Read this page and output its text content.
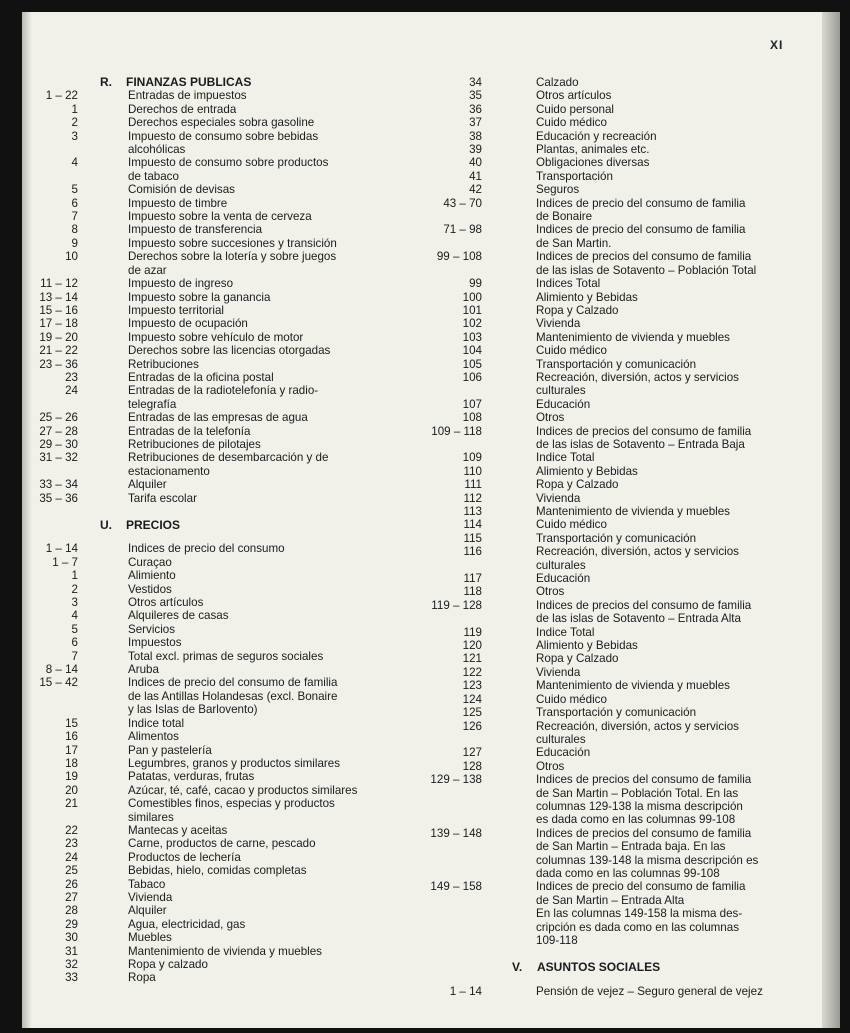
XI
R.	FINANZAS PUBLICAS
1 – 22	Entradas de impuestos
1	Derechos de entrada
2	Derechos especiales sobra gasoline
3	Impuesto de consumo sobre bebidas
alcohólicas
4	Impuesto de consumo sobre productos
de tabaco
5	Comisión de devisas
6	Impuesto de timbre
7	Impuesto sobre la venta de cerveza
8	Impuesto de transferencia
9	Impuesto sobre succesiones y transición
10	Derechos sobre la lotería y sobre juegos
de azar
11 – 12	Impuesto de ingreso
13 – 14	Impuesto sobre la ganancia
15 – 16	Impuesto territorial
17 – 18	Impuesto de ocupación
19 – 20	Impuesto sobre vehículo de motor
21 – 22	Derechos sobre las licencias otorgadas
23 – 36	Retribuciones
23	Entradas de la oficina postal
24	Entradas de la radiotelefonía y radio-
telegrafía
25 – 26	Entradas de las empresas de agua
27 – 28	Entradas de la telefonía
29 – 30	Retribuciones de pilotajes
31 – 32	Retribuciones de desembarcación y de
estacionamento
33 – 34	Alquiler
35 – 36	Tarifa escolar
U.	PRECIOS
1 – 14	Indices de precio del consumo
1 – 7	Curaçao
1	Alimiento
2	Vestidos
3	Otros artículos
4	Alquileres de casas
5	Servicios
6	Impuestos
7	Total excl. primas de seguros sociales
8 – 14	Aruba
15 – 42	Indices de precio del consumo de familia
de las Antillas Holandesas (excl. Bonaire
y las Islas de Barlovento)
15	Indice total
16	Alimentos
17	Pan y pastelería
18	Legumbres, granos y productos similares
19	Patatas, verduras, frutas
20	Azúcar, té, café, cacao y productos similares
21	Comestibles finos, especias y productos
similares
22	Mantecas y aceitas
23	Carne, productos de carne, pescado
24	Productos de lechería
25	Bebidas, hielo, comidas completas
26	Tabaco
27	Vivienda
28	Alquiler
29	Agua, electricidad, gas
30	Muebles
31	Mantenimiento de vivienda y muebles
32	Ropa y calzado
33	Ropa
34	Calzado
35	Otros artículos
36	Cuido personal
37	Cuido médico
38	Educación y recreación
39	Plantas, animales etc.
40	Obligaciones diversas
41	Transportación
42	Seguros
43 – 70	Indices de precio del consumo de familia
de Bonaire
71 – 98	Indices de precio del consumo de familia
de San Martin.
99 – 108	Indices de precios del consumo de familia
de las islas de Sotavento – Población Total
99	Indices Total
100	Alimiento y Bebidas
101	Ropa y Calzado
102	Vivienda
103	Mantenimiento de vivienda y muebles
104	Cuido médico
105	Transportación y comunicación
106	Recreación, diversión, actos y servicios
culturales
107	Educación
108	Otros
109 – 118	Indices de precios del consumo de familia
de las islas de Sotavento – Entrada Baja
109	Indice Total
110	Alimiento y Bebidas
111	Ropa y Calzado
112	Vivienda
113	Mantenimiento de vivienda y muebles
114	Cuido médico
115	Transportación y comunicación
116	Recreación, diversión, actos y servicios
culturales
117	Educación
118	Otros
119 – 128	Indices de precios del consumo de familia
de las islas de Sotavento – Entrada Alta
119	Indice Total
120	Alimiento y Bebidas
121	Ropa y Calzado
122	Vivienda
123	Mantenimiento de vivienda y muebles
124	Cuido médico
125	Transportación y comunicación
126	Recreación, diversión, actos y servicios
culturales
127	Educación
128	Otros
129 – 138	Indices de precios del consumo de familia
de San Martin – Población Total. En las
columnas 129-138 la misma descripción
es dada como en las columnas 99-108
139 – 148	Indices de precios del consumo de familia
de San Martin – Entrada baja. En las
columnas 139-148 la misma descripción es
dada como en las columnas 99-108
149 – 158	Indices de precio del consumo de familia
de San Martin – Entrada Alta
En las columnas 149-158 la misma des-
cripción es dada como en las columnas
109-118
V.	ASUNTOS SOCIALES
1 – 14	Pensión de vejez – Seguro general de vejez
